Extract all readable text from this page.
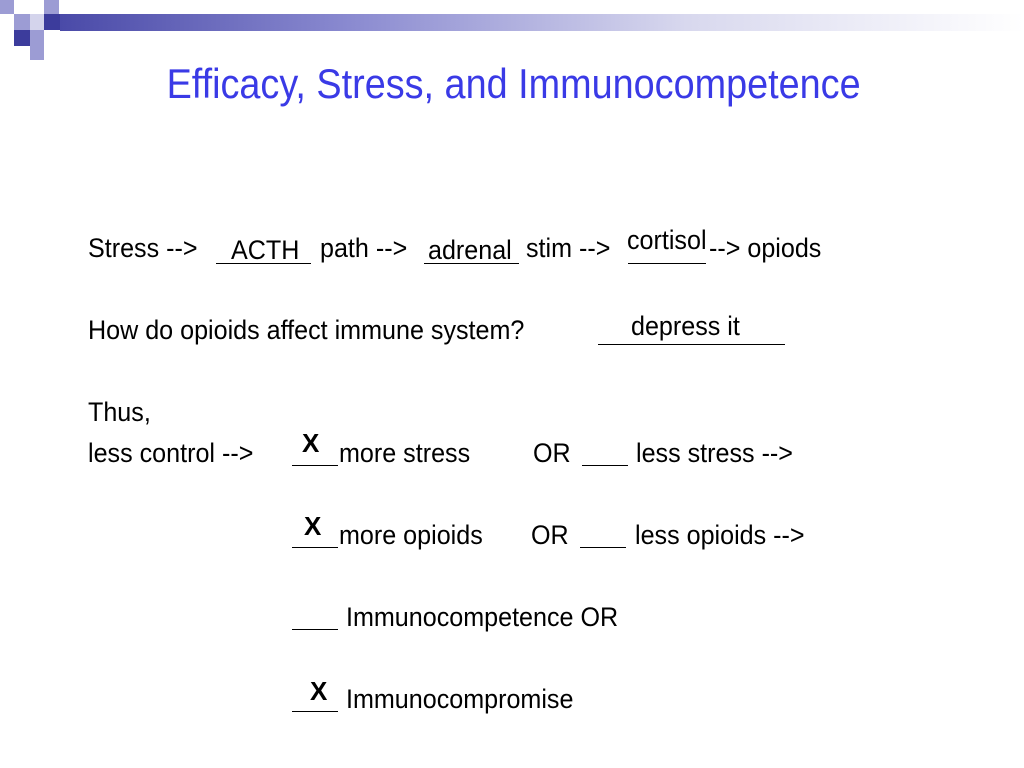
Efficacy, Stress, and Immunocompetence
Stress --> ACTH path --> adrenal stim --> cortisol --> opiods
How do opioids affect immune system?	depress it
Thus,
less control --> X more stress OR less stress -->
X more opioids OR less opioids -->
Immunocompetence OR
X Immunocompromise
